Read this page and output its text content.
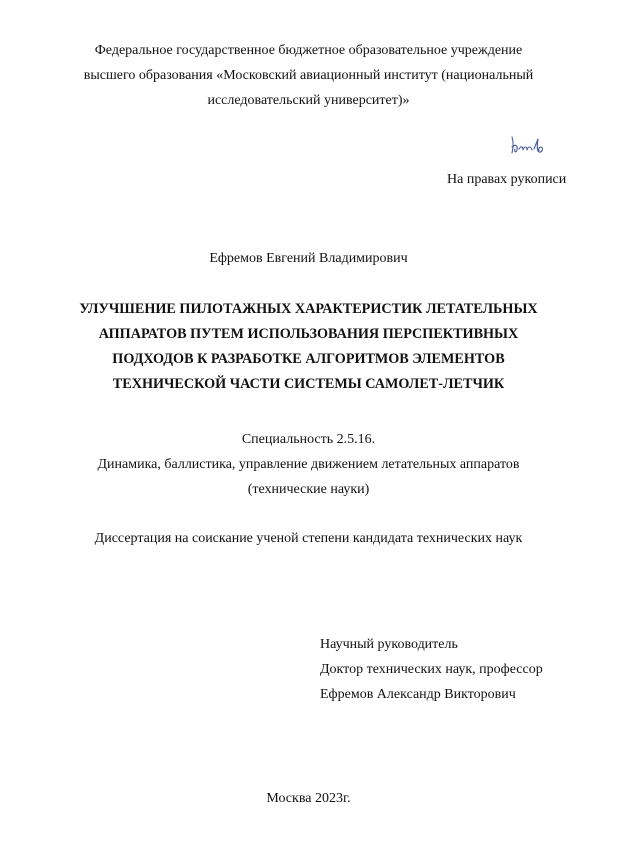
Федеральное государственное бюджетное образовательное учреждение
высшего образования «Московский авиационный институт (национальный
исследовательский университет)»
На правах рукописи
Ефремов Евгений Владимирович
УЛУЧШЕНИЕ ПИЛОТАЖНЫХ ХАРАКТЕРИСТИК ЛЕТАТЕЛЬНЫХ
АППАРАТОВ ПУТЕМ ИСПОЛЬЗОВАНИЯ ПЕРСПЕКТИВНЫХ
ПОДХОДОВ К РАЗРАБОТКЕ АЛГОРИТМОВ ЭЛЕМЕНТОВ
ТЕХНИЧЕСКОЙ ЧАСТИ СИСТЕМЫ САМОЛЕТ-ЛЕТЧИК
Специальность 2.5.16.
Динамика, баллистика, управление движением летательных аппаратов
(технические науки)
Диссертация на соискание ученой степени кандидата технических наук
Научный руководитель
Доктор технических наук, профессор
Ефремов Александр Викторович
Москва 2023г.
